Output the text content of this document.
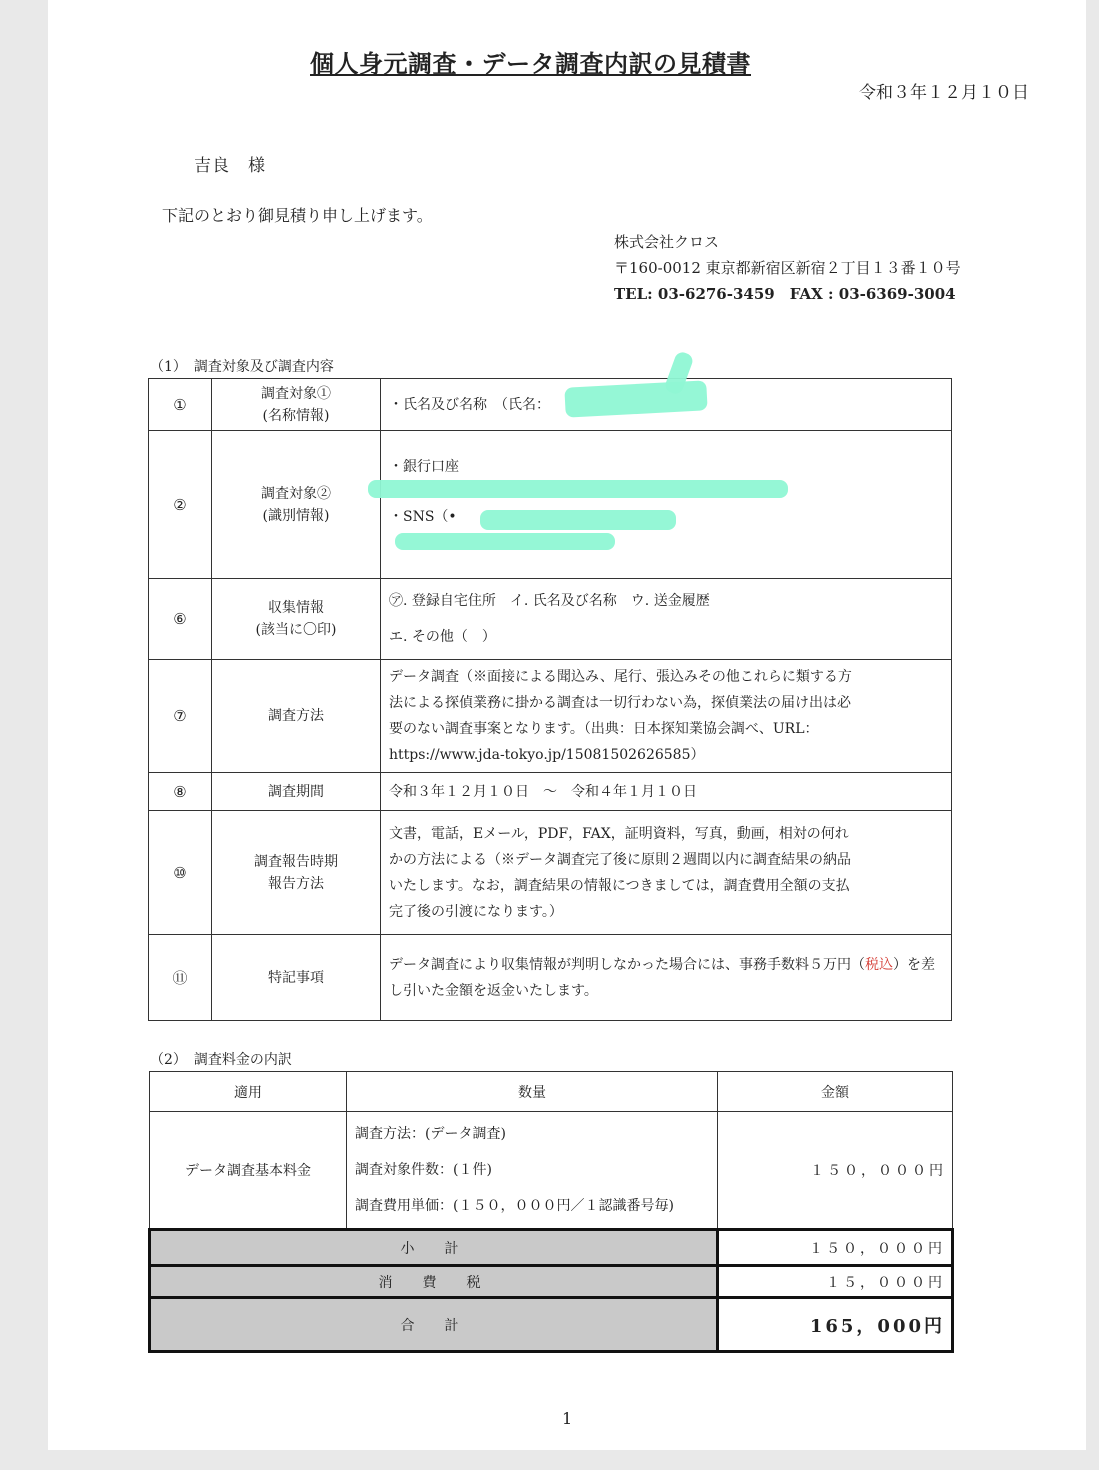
個人身元調査・データ調査内訳の見積書
令和３年１２月１０日
吉良　様
下記のとおり御見積り申し上げます。
株式会社クロス
〒160-0012 東京都新宿区新宿２丁目１３番１０号
TEL: 03-6276-3459　FAX : 03-6369-3004
（1）　調査対象及び調査内容
①	調査対象①
(名称情報)	・氏名及び名称　（氏名：

②	調査対象②
(識別情報)	・銀行口座
・SNS（•

⑥	収集情報
(該当に〇印)	㋐. 登録自宅住所　イ. 氏名及び名称　ウ. 送金履歴
エ. その他（　）

⑦	調査方法	データ調査（※面接による聞込み、尾行、張込みその他これらに類する方
法による探偵業務に掛かる調査は一切行わない為，探偵業法の届け出は必
要のない調査事案となります。（出典：日本探知業協会調べ、URL：
https://www.jda-tokyo.jp/15081502626585）

⑧	調査期間	令和３年１２月１０日　～　令和４年１月１０日

⑩	調査報告時期
報告方法	文書，電話，Eメール，PDF，FAX，証明資料，写真，動画，相対の何れ
かの方法による（※データ調査完了後に原則２週間以内に調査結果の納品
いたします。なお，調査結果の情報につきましては，調査費用全額の支払
完了後の引渡になります。）

⑪	特記事項	データ調査により収集情報が判明しなかった場合には、事務手数料５万円（税込）を差し引いた金額を返金いたします。
（2）　調査料金の内訳
適用	数量	金額
データ調査基本料金	調査方法：(データ調査)
調査対象件数：(１件)
調査費用単価：(１５０，０００円／１認識番号毎)	１５０，０００円
小　計		１５０，０００円
消　費　税		１５，０００円
合　計		165，000円
1
